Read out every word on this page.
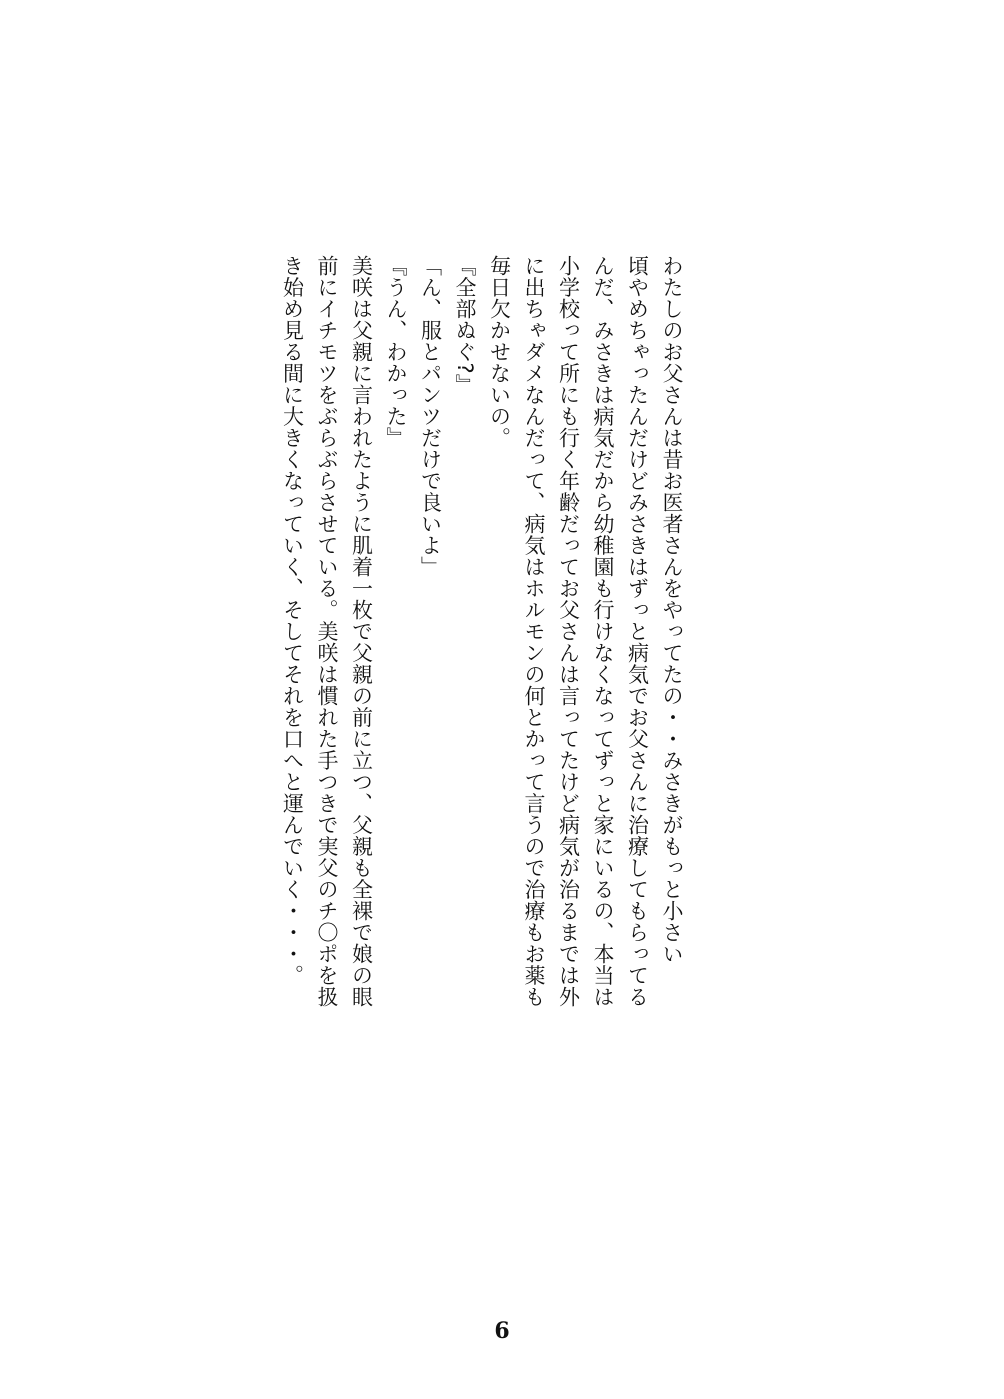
わたしのお父さんは昔お医者さんをやってたの・・みさきがもっと小さい
頃やめちゃったんだけどみさきはずっと病気でお父さんに治療してもらってる
んだ、みさきは病気だから幼稚園も行けなくなってずっと家にいるの、本当は
小学校って所にも行く年齢だってお父さんは言ってたけど病気が治るまでは外
に出ちゃダメなんだって、病気はホルモンの何とかって言うので治療もお薬も
毎日欠かせないの。
『全部ぬぐ?』
「ん、服とパンツだけで良いよ」
『うん、わかった』
美咲は父親に言われたように肌着一枚で父親の前に立つ、父親も全裸で娘の眼
前にイチモツをぶらぶらさせている。美咲は慣れた手つきで実父のチ〇ポを扱
き始め見る間に大きくなっていく、そしてそれを口へと運んでいく・・・。
6
